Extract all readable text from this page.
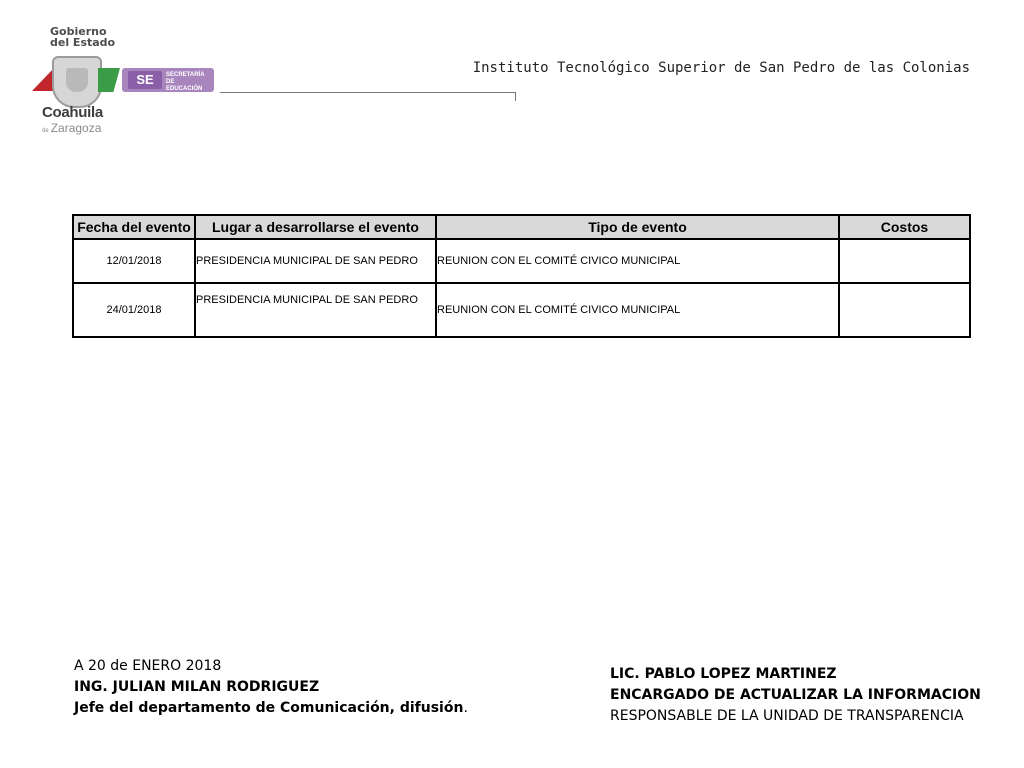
Gobierno
del Estado
SE	SECRETARÍA
DE EDUCACIÓN
Coahuila
de Zaragoza
Instituto Tecnológico Superior de San Pedro de las Colonias
Fecha del evento	Lugar a desarrollarse el evento	Tipo de evento	Costos
12/01/2018	PRESIDENCIA MUNICIPAL DE SAN PEDRO	REUNION CON EL COMITÉ CIVICO MUNICIPAL	
24/01/2018	PRESIDENCIA MUNICIPAL DE SAN PEDRO	REUNION CON EL COMITÉ CIVICO MUNICIPAL	
A 20 de ENERO 2018
ING. JULIAN MILAN RODRIGUEZ
Jefe del departamento de Comunicación, difusión.
LIC. PABLO LOPEZ MARTINEZ
ENCARGADO DE ACTUALIZAR LA INFORMACION
RESPONSABLE DE LA UNIDAD DE TRANSPARENCIA
